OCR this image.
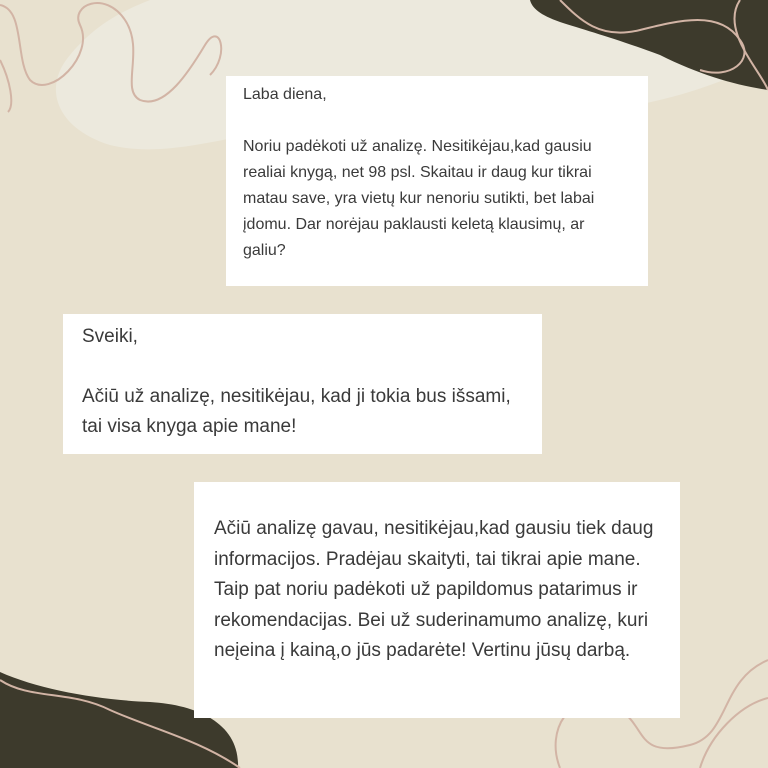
Laba diena,

Noriu padėkoti už analizę. Nesitikėjau,kad gausiu realiai knygą, net 98 psl. Skaitau ir daug kur tikrai matau save, yra vietų kur nenoriu sutikti, bet labai įdomu. Dar norėjau paklausti keletą klausimų, ar galiu?

Sveiki,

Ačiū už analizę, nesitikėjau, kad ji tokia bus išsami, tai visa knyga apie mane!

Ačiū analizę gavau, nesitikėjau,kad gausiu tiek daug informacijos. Pradėjau skaityti, tai tikrai apie mane. Taip pat noriu padėkoti už papildomus patarimus ir rekomendacijas. Bei už suderinamumo analizę, kuri neįeina į kainą,o jūs padarėte! Vertinu jūsų darbą.
